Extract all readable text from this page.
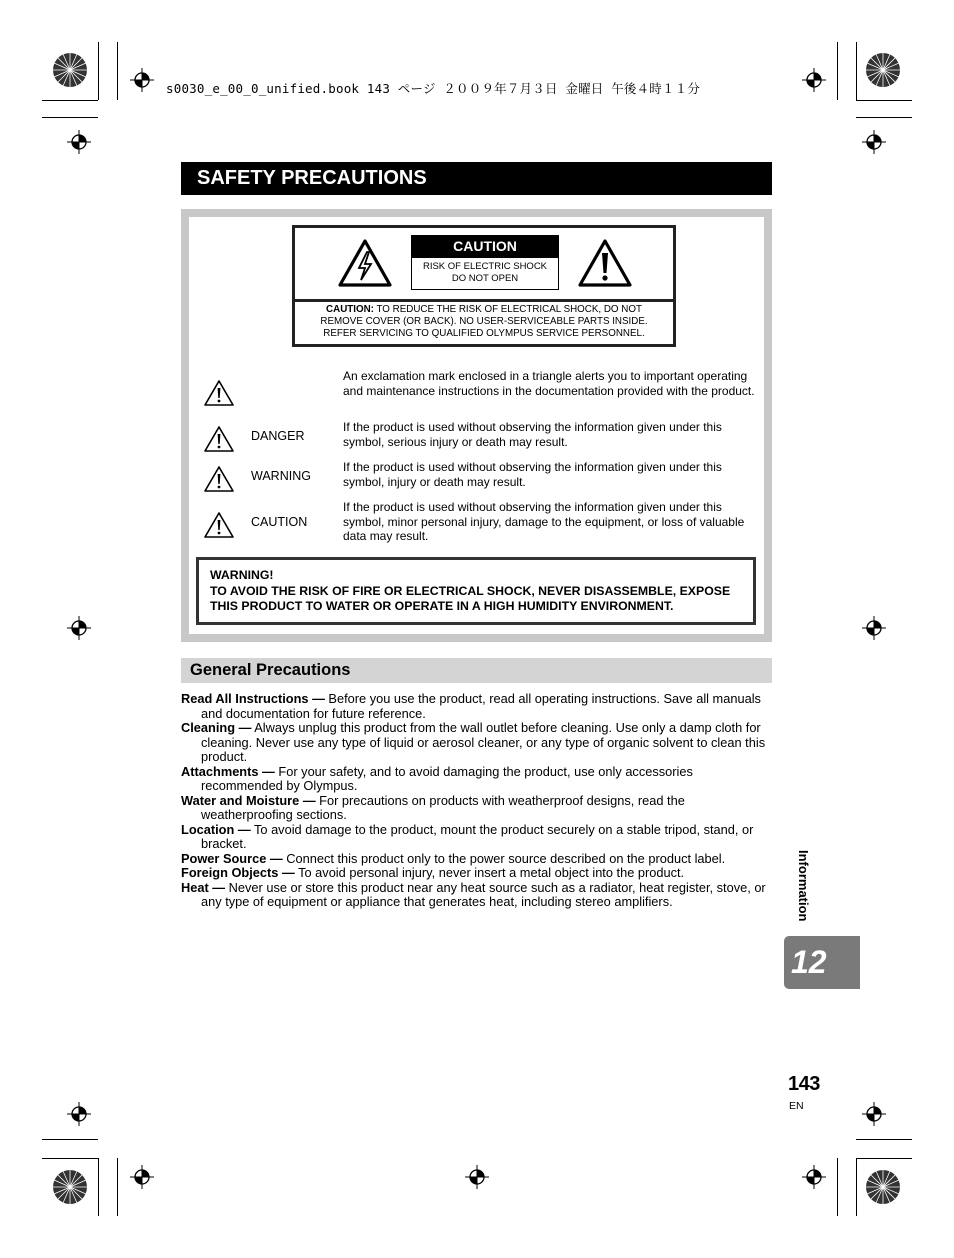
s0030_e_00_0_unified.book 143 ページ ２００９年７月３日 金曜日 午後４時１１分
SAFETY PRECAUTIONS
CAUTION
RISK OF ELECTRIC SHOCK
DO NOT OPEN
CAUTION: TO REDUCE THE RISK OF ELECTRICAL SHOCK, DO NOT
REMOVE COVER (OR BACK). NO USER-SERVICEABLE PARTS INSIDE.
REFER SERVICING TO QUALIFIED OLYMPUS SERVICE PERSONNEL.
An exclamation mark enclosed in a triangle alerts you to important operating and maintenance instructions in the documentation provided with the product.
DANGER
If the product is used without observing the information given under this symbol, serious injury or death may result.
WARNING
If the product is used without observing the information given under this symbol, injury or death may result.
CAUTION
If the product is used without observing the information given under this symbol, minor personal injury, damage to the equipment, or loss of valuable data may result.
WARNING!
TO AVOID THE RISK OF FIRE OR ELECTRICAL SHOCK, NEVER DISASSEMBLE, EXPOSE THIS PRODUCT TO WATER OR OPERATE IN A HIGH HUMIDITY ENVIRONMENT.
General Precautions
Read All Instructions — Before you use the product, read all operating instructions. Save all manuals and documentation for future reference.
Cleaning — Always unplug this product from the wall outlet before cleaning. Use only a damp cloth for cleaning. Never use any type of liquid or aerosol cleaner, or any type of organic solvent to clean this product.
Attachments — For your safety, and to avoid damaging the product, use only accessories recommended by Olympus.
Water and Moisture — For precautions on products with weatherproof designs, read the weatherproofing sections.
Location — To avoid damage to the product, mount the product securely on a stable tripod, stand, or bracket.
Power Source — Connect this product only to the power source described on the product label.
Foreign Objects — To avoid personal injury, never insert a metal object into the product.
Heat — Never use or store this product near any heat source such as a radiator, heat register, stove, or any type of equipment or appliance that generates heat, including stereo amplifiers.	Information
12
143
EN
